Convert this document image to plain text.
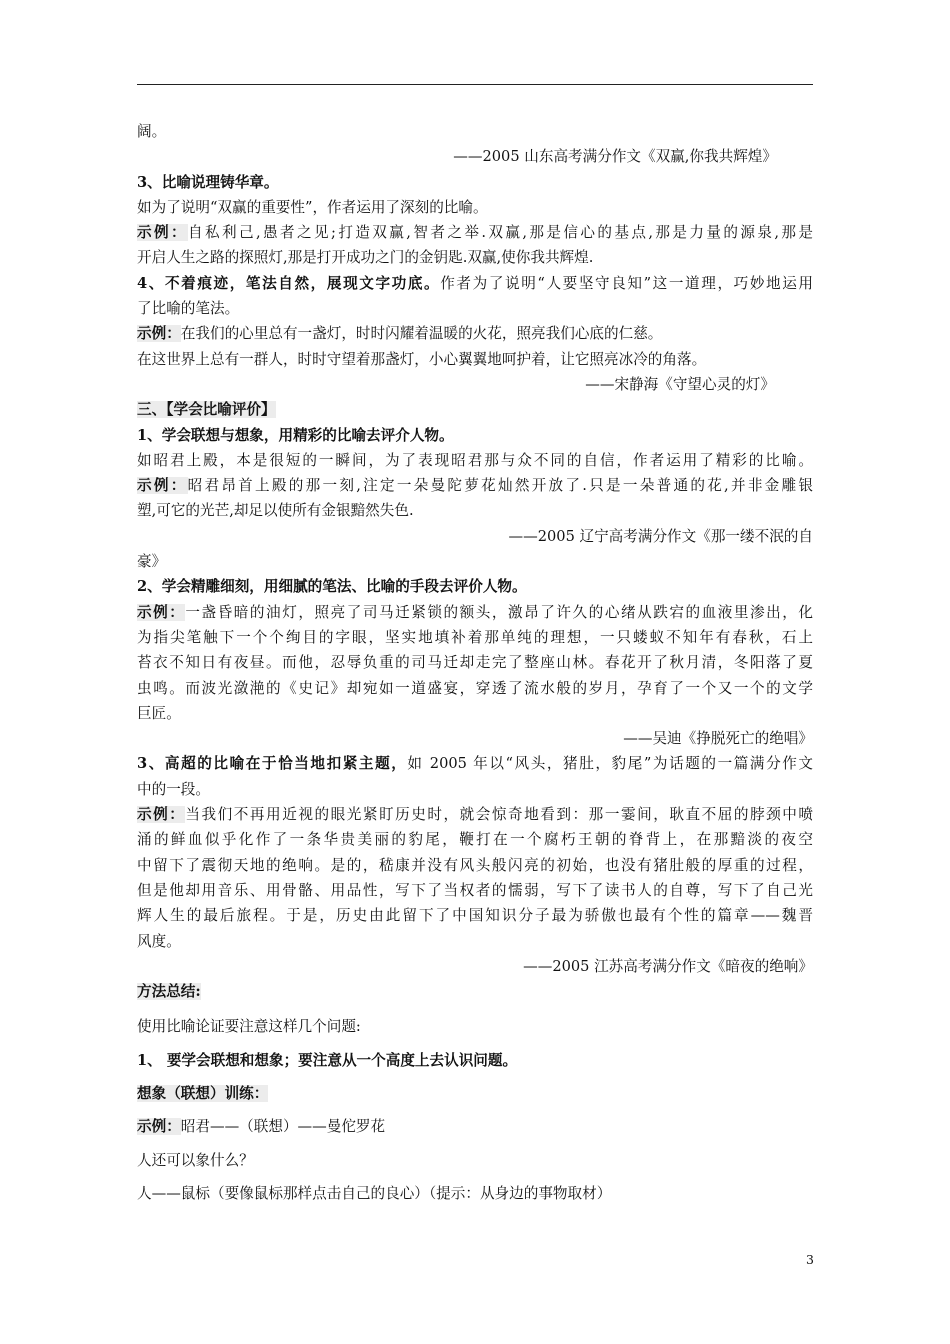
阔。
——2005 山东高考满分作文《双赢,你我共辉煌》
3、比喻说理铸华章。
如为了说明“双赢的重要性”，作者运用了深刻的比喻。
示例：自私利己,愚者之见;打造双赢,智者之举.双赢,那是信心的基点,那是力量的源泉,那是
开启人生之路的探照灯,那是打开成功之门的金钥匙.双赢,使你我共辉煌.
4、不着痕迹，笔法自然，展现文字功底。作者为了说明“人要坚守良知”这一道理，巧妙地运用
了比喻的笔法。
示例：在我们的心里总有一盏灯，时时闪耀着温暖的火花，照亮我们心底的仁慈。
在这世界上总有一群人，时时守望着那盏灯，小心翼翼地呵护着，让它照亮冰冷的角落。
——宋静海《守望心灵的灯》
三、【学会比喻评价】
1、学会联想与想象，用精彩的比喻去评介人物。
如昭君上殿，本是很短的一瞬间，为了表现昭君那与众不同的自信，作者运用了精彩的比喻。
示例：昭君昂首上殿的那一刻,注定一朵曼陀萝花灿然开放了.只是一朵普通的花,并非金雕银
塑,可它的光芒,却足以使所有金银黯然失色.
——2005 辽宁高考满分作文《那一缕不泯的自
豪》
2、学会精雕细刻，用细腻的笔法、比喻的手段去评价人物。
示例：一盏昏暗的油灯，照亮了司马迁紧锁的额头，激昂了许久的心绪从跌宕的血液里渗出，化
为指尖笔触下一个个绚目的字眼，坚实地填补着那单纯的理想，一只蝼蚁不知年有春秋，石上
苔衣不知日有夜昼。而他，忍辱负重的司马迁却走完了整座山林。春花开了秋月清，冬阳落了夏
虫鸣。而波光潋滟的《史记》却宛如一道盛宴，穿透了流水般的岁月，孕育了一个又一个的文学
巨匠。
——吴迪《挣脱死亡的绝唱》
3、高超的比喻在于恰当地扣紧主题，如 2005 年以“风头，猪肚，豹尾”为话题的一篇满分作文
中的一段。
示例：当我们不再用近视的眼光紧盯历史时，就会惊奇地看到：那一霎间，耿直不屈的脖颈中喷
涌的鲜血似乎化作了一条华贵美丽的豹尾，鞭打在一个腐朽王朝的脊背上，在那黯淡的夜空
中留下了震彻天地的绝响。是的，嵇康并没有风头般闪亮的初始，也没有猪肚般的厚重的过程，
但是他却用音乐、用骨骼、用品性，写下了当权者的懦弱，写下了读书人的自尊，写下了自己光
辉人生的最后旅程。于是，历史由此留下了中国知识分子最为骄傲也最有个性的篇章——魏晋
风度。
——2005 江苏高考满分作文《暗夜的绝响》
方法总结:
使用比喻论证要注意这样几个问题:
1、 要学会联想和想象；要注意从一个高度上去认识问题。
想象（联想）训练：
示例：昭君——（联想）——曼佗罗花
人还可以象什么？
人——鼠标（要像鼠标那样点击自己的良心）（提示：从身边的事物取材）
3
